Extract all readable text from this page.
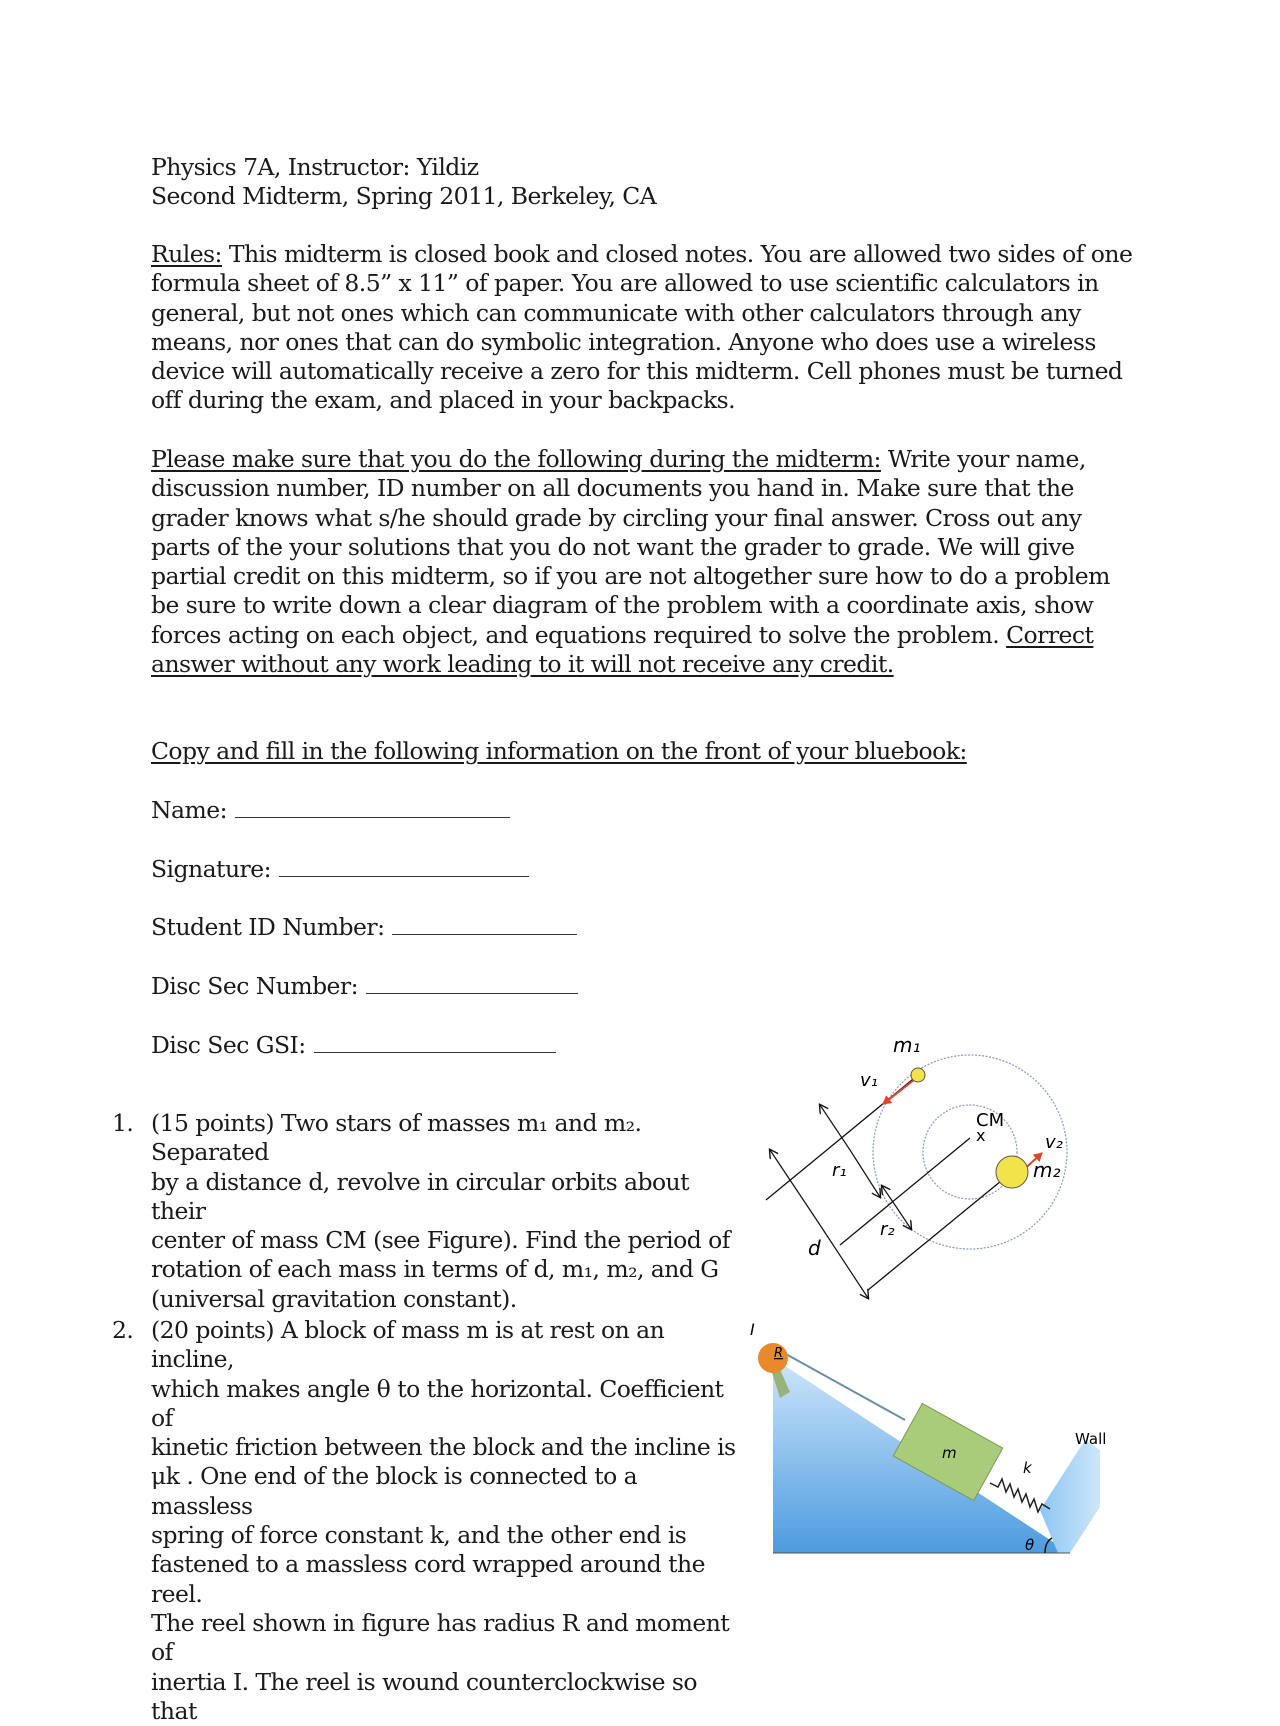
Physics 7A, Instructor: Yildiz
Second Midterm, Spring 2011, Berkeley, CA
Rules: This midterm is closed book and closed notes. You are allowed two sides of one formula sheet of 8.5” x 11” of paper. You are allowed to use scientific calculators in general, but not ones which can communicate with other calculators through any means, nor ones that can do symbolic integration. Anyone who does use a wireless device will automatically receive a zero for this midterm. Cell phones must be turned off during the exam, and placed in your backpacks.
Please make sure that you do the following during the midterm: Write your name, discussion number, ID number on all documents you hand in. Make sure that the grader knows what s/he should grade by circling your final answer. Cross out any parts of the your solutions that you do not want the grader to grade. We will give partial credit on this midterm, so if you are not altogether sure how to do a problem be sure to write down a clear diagram of the problem with a coordinate axis, show forces acting on each object, and equations required to solve the problem. Correct answer without any work leading to it will not receive any credit.
Copy and fill in the following information on the front of your bluebook:
Name:
Signature:
Student ID Number:
Disc Sec Number:
Disc Sec GSI:
1. (15 points) Two stars of masses m₁ and m₂. Separated
by a distance d, revolve in circular orbits about their
center of mass CM (see Figure). Find the period of
rotation of each mass in terms of d, m₁, m₂, and G
(universal gravitation constant).
2. (20 points) A block of mass m is at rest on an incline,
which makes angle θ to the horizontal. Coefficient of
kinetic friction between the block and the incline is
μk . One end of the block is connected to a massless
spring of force constant k, and the other end is
fastened to a massless cord wrapped around the reel.
The reel shown in figure has radius R and moment of
inertia I. The reel is wound counterclockwise so that
m₁
v₁
CM
x	v₂
m₂
r₁
r₂
d
m
I
R
k
Wall
θ
